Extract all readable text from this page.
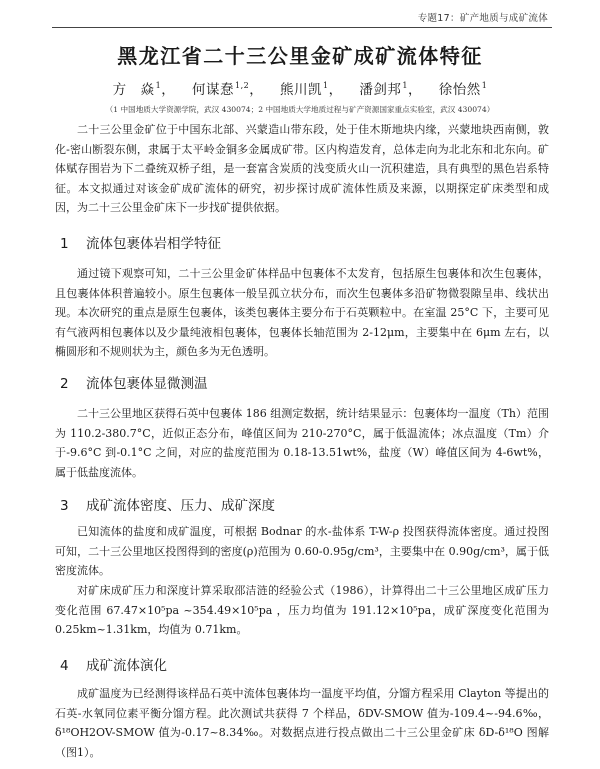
专题17：矿产地质与成矿流体
黑龙江省二十三公里金矿成矿流体特征
方　焱$^1$， 何谋惷$^{1,2}$， 熊川凯$^1$， 潘剑邦$^1$， 徐怡然$^1$
（1 中国地质大学资源学院，武汉 430074；2 中国地质大学地质过程与矿产资源国家重点实验室，武汉 430074）

二十三公里金矿位于中国东北部、兴蒙造山带东段，处于佳木斯地块内缘，兴蒙地块西南侧，敦化-密山断裂东侧，隶属于太平岭金铜多金属成矿带。区内构造发育，总体走向为北北东和北东向。矿体赋存围岩为下二叠统双桥子组，是一套富含炭质的浅变质火山一沉积建造，具有典型的黑色岩系特征。本文拟通过对该金矿成矿流体的研究，初步探讨成矿流体性质及来源，以期探定矿床类型和成因，为二十三公里金矿床下一步找矿提供依据。

1 流体包裹体岩相学特征

通过镜下观察可知，二十三公里金矿体样品中包裹体不太发育，包括原生包裹体和次生包裹体，且包裹体体积普遍较小。原生包裹体一般呈孤立状分布，而次生包裹体多沿矿物微裂隙呈串、线状出现。本次研究的重点是原生包裹体，该类包裹体主要分布于石英颗粒中。在室温 25°C 下，主要可见有气液两相包裹体以及少量纯液相包裹体，包裹体长轴范围为 2-12μm，主要集中在 6μm 左右，以椭圆形和不规则状为主，颜色多为无色透明。

2 流体包裹体显微测温

二十三公里地区获得石英中包裹体 186 组测定数据，统计结果显示：包裹体均一温度（Th）范围为 110.2-380.7°C，近似正态分布，峰值区间为 210-270°C，属于低温流体；冰点温度（Tm）介于-9.6°C 到-0.1°C 之间，对应的盐度范围为 0.18-13.51wt%，盐度（W）峰值区间为 4-6wt%，属于低盐度流体。

3 成矿流体密度、压力、成矿深度

已知流体的盐度和成矿温度，可根据 Bodnar 的水-盐体系 T-W-ρ 投图获得流体密度。通过投图可知，二十三公里地区投图得到的密度(ρ)范围为 0.60-0.95g/cm³，主要集中在 0.90g/cm³，属于低密度流体。

对矿床成矿压力和深度计算采取邵洁涟的经验公式（1986），计算得出二十三公里地区成矿压力变化范围 67.47×10⁵pa ~354.49×10⁵pa ，压力均值为 191.12×10⁵pa，成矿深度变化范围为 0.25km~1.31km，均值为 0.71km。

4 成矿流体演化

成矿温度为已经测得该样品石英中流体包裹体均一温度平均值，分馏方程采用 Clayton 等提出的石英-水氧同位素平衡分馏方程。此次测试共获得 7 个样品，δDV-SMOW 值为-109.4~-94.6‰，δ¹⁸OH2OV-SMOW 值为-0.17~8.34‰。对数据点进行投点做出二十三公里金矿床 δD-δ¹⁸O 图解（图1）。
